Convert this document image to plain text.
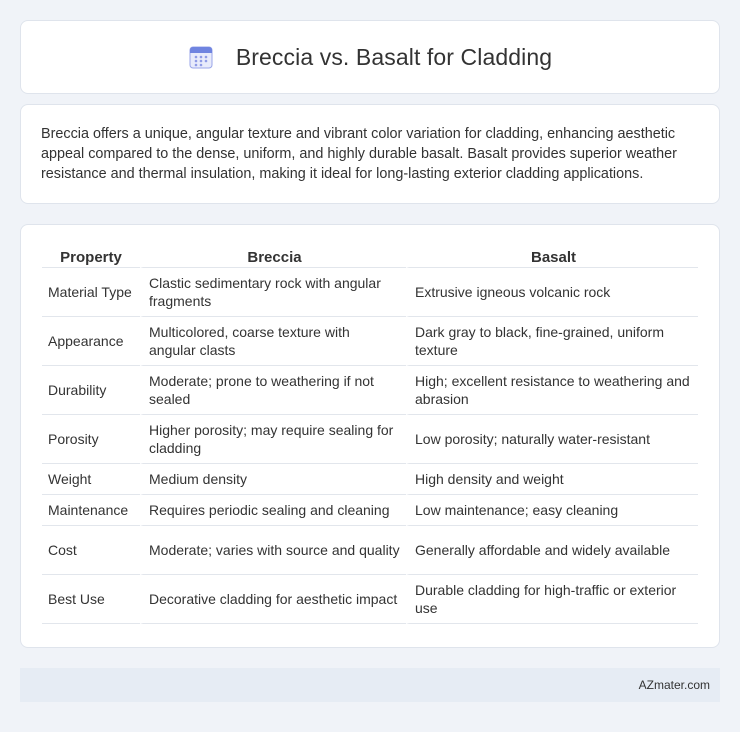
Breccia vs. Basalt for Cladding

Breccia offers a unique, angular texture and vibrant color variation for cladding, enhancing aesthetic appeal compared to the dense, uniform, and highly durable basalt. Basalt provides superior weather resistance and thermal insulation, making it ideal for long-lasting exterior cladding applications.

Property	Breccia	Basalt
Material Type	Clastic sedimentary rock with angular fragments	Extrusive igneous volcanic rock
Appearance	Multicolored, coarse texture with angular clasts	Dark gray to black, fine-grained, uniform texture
Durability	Moderate; prone to weathering if not sealed	High; excellent resistance to weathering and abrasion
Porosity	Higher porosity; may require sealing for cladding	Low porosity; naturally water-resistant
Weight	Medium density	High density and weight
Maintenance	Requires periodic sealing and cleaning	Low maintenance; easy cleaning
Cost	Moderate; varies with source and quality	Generally affordable and widely available
Best Use	Decorative cladding for aesthetic impact	Durable cladding for high-traffic or exterior use
AZmater.com
